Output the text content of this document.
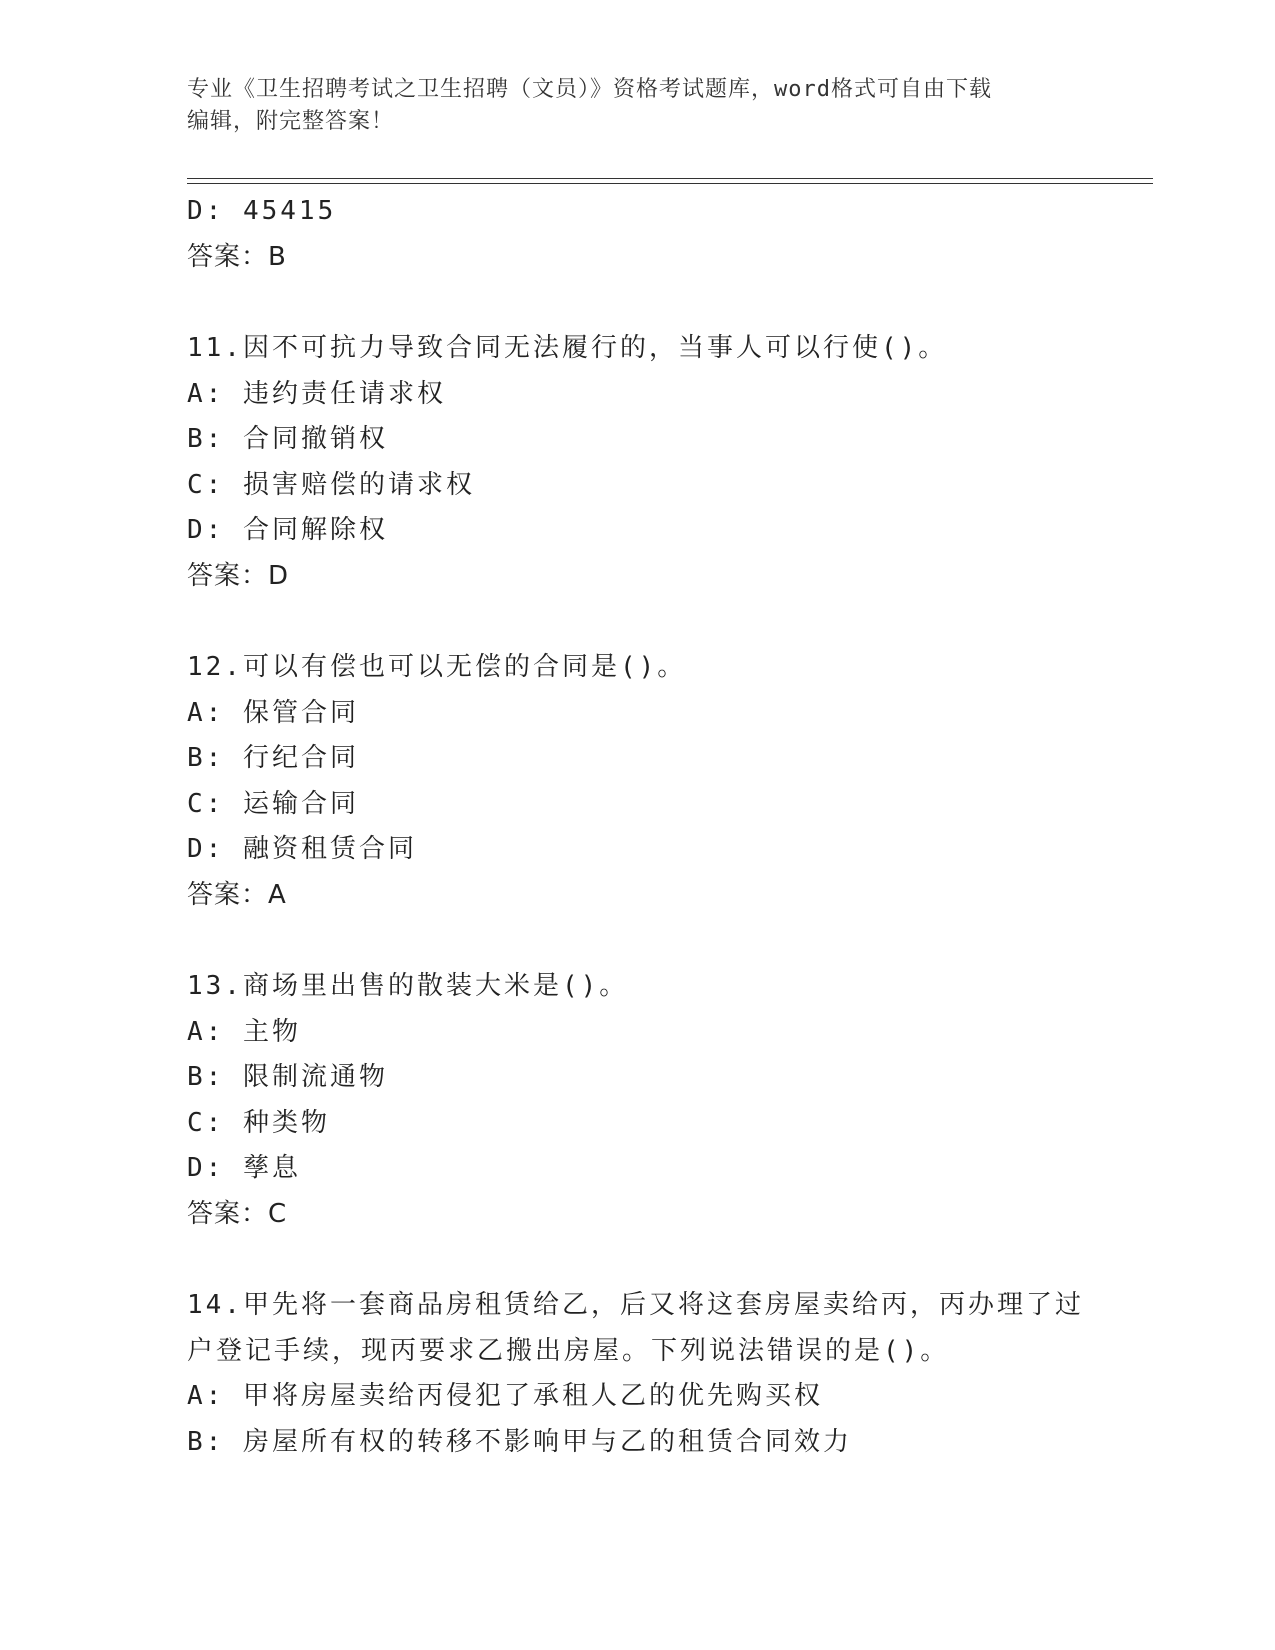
专业《卫生招聘考试之卫生招聘（文员）》资格考试题库，word格式可自由下载
编辑，附完整答案！
D: 45415
答案：B
11.因不可抗力导致合同无法履行的，当事人可以行使()。
A: 违约责任请求权
B: 合同撤销权
C: 损害赔偿的请求权
D: 合同解除权
答案：D
12.可以有偿也可以无偿的合同是()。
A: 保管合同
B: 行纪合同
C: 运输合同
D: 融资租赁合同
答案：A
13.商场里出售的散装大米是()。
A: 主物
B: 限制流通物
C: 种类物
D: 孳息
答案：C
14.甲先将一套商品房租赁给乙，后又将这套房屋卖给丙，丙办理了过
户登记手续，现丙要求乙搬出房屋。下列说法错误的是()。
A: 甲将房屋卖给丙侵犯了承租人乙的优先购买权
B: 房屋所有权的转移不影响甲与乙的租赁合同效力
